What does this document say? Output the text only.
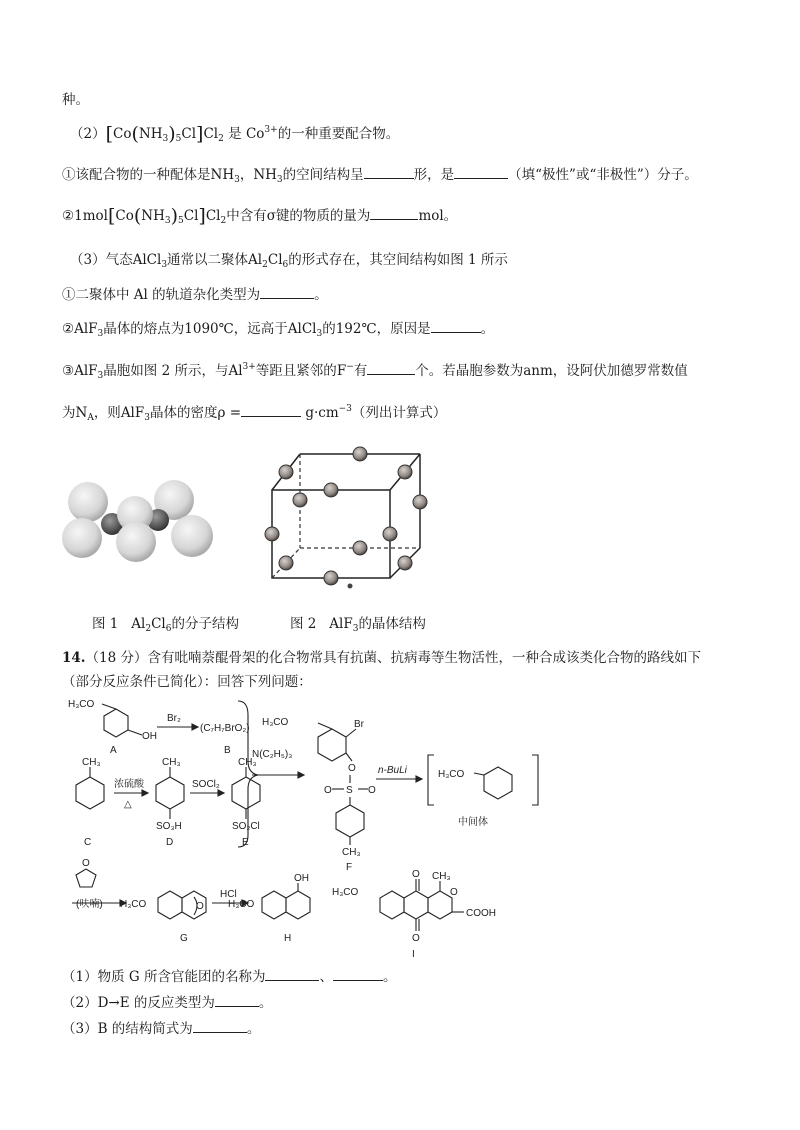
种。
$(2)[Co(NH_3)_5Cl]Cl_2$ 是 $Co^{3+}$的一种重要配合物。
①该配合物的一种配体是$NH_3$，$NH_3$的空间结构呈	形，是	（填“极性”或“非极性”）分子。
$②1mol[Co(NH_3)_5Cl]Cl_2$中含有σ键的物质的量为	mol。
（3）气态AlCl$_3$通常以二聚体$Al_2Cl_6$的形式存在，其空间结构如图 1 所示
①二聚体中 Al 的轨道杂化类型为	。
②AlF$_3$晶体的熔点为1090℃，远高于AlCl$_3$的192℃，原因是	。
③AlF$_3$晶胞如图 2 所示，与$Al^{3+}$等距且紧邻的F−有	个。若晶胞参数为anm，设阿伏加德罗常数值
为$N_A$，则AlF$_3$晶体的密度ρ =	$g\cdot cm^{-3}$（列出计算式）
图 1 $Al_2Cl_6$的分子结构	图 2 AlF$_3$的晶体结构
14.（18 分）含有吡喃萘醌骨架的化合物常具有抗菌、抗病毒等生物活性，一种合成该类化合物的路线如下
（部分反应条件已简化）：回答下列问题：
H₃CO
OH
A
Br₂
(C₇H₇BrO₂)
B
CH₃
C
浓硫酸
△
CH₃
SO₃H
D
SOCl₂
CH₃
SO₂Cl
E
N(C₂H₅)₃
H₃CO	Br
O
S
O	O
CH₃
F
n-BuLi	H₃CO
中间体
O
(呋喃) H₃CO	O
G
HCl
H₃CO
OH
H
H₃CO
O
O
CH₃
O
COOH
I
（1）物质 G 所含官能团的名称为	、	。
（2）D→E 的反应类型为	。
（3）B 的结构简式为	。
